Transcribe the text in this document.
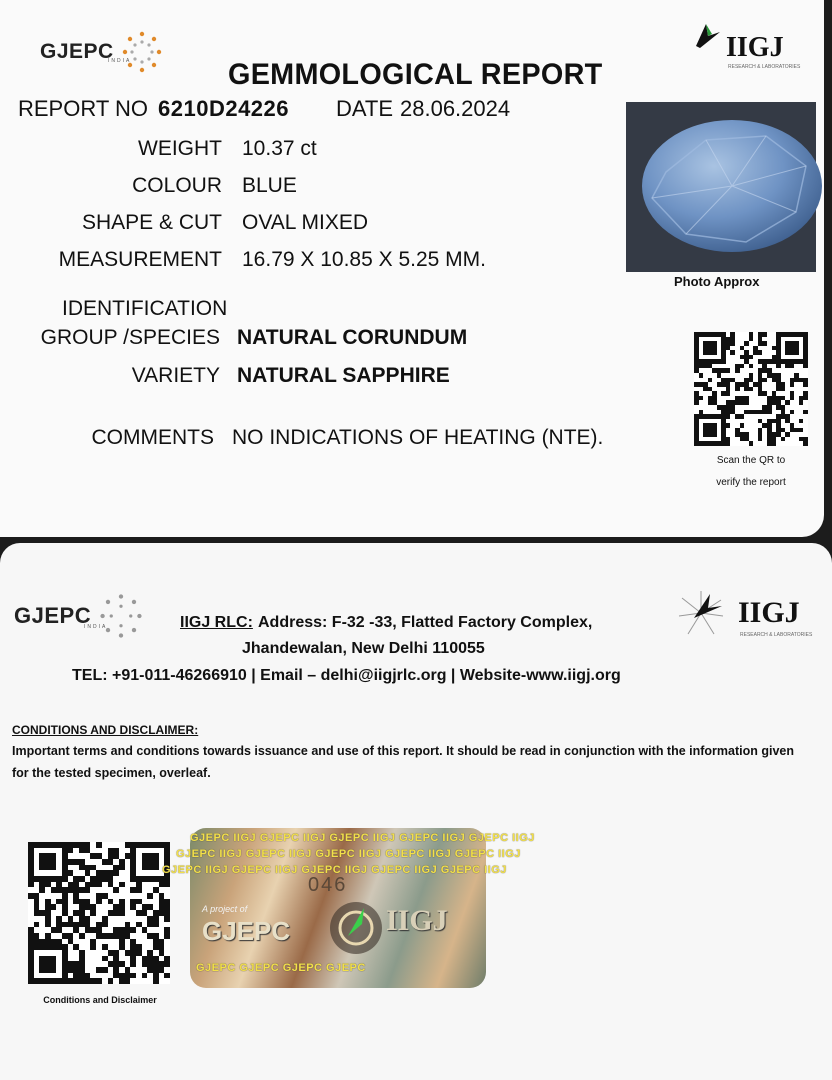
GJEPC
INDIA	IIGJ
RESEARCH & LABORATORIES
GEMMOLOGICAL REPORT
REPORT NO 6210D24226 DATE 28.06.2024
WEIGHT 10.37 ct
COLOUR BLUE
SHAPE & CUT OVAL MIXED
MEASUREMENT 16.79 X 10.85 X 5.25 MM.
IDENTIFICATION
GROUP /SPECIES NATURAL CORUNDUM
VARIETY NATURAL SAPPHIRE
COMMENTS NO INDICATIONS OF HEATING (NTE).
Photo Approx
Scan the QR to
verify the report
GJEPC
INDIA	IIGJ
RESEARCH & LABORATORIES
IIGJ RLC: Address: F-32 -33, Flatted Factory Complex,
Jhandewalan, New Delhi 110055
TEL: +91-011-46266910 | Email – delhi@iigjrlc.org | Website-www.iigj.org
CONDITIONS AND DISCLAIMER:
Important terms and conditions towards issuance and use of this report. It should be read in conjunction with the information given for the tested specimen, overleaf.
Conditions and Disclaimer
GJEPC IIGJ GJEPC IIGJ GJEPC IIGJ GJEPC IIGJ GJEPC IIGJ
GJEPC IIGJ GJEPC IIGJ GJEPC IIGJ GJEPC IIGJ GJEPC IIGJ
GJEPC IIGJ GJEPC IIGJ GJEPC IIGJ GJEPC IIGJ GJEPC IIGJ
046
A project of
GJEPC	IIGJ
GJEPC GJEPC GJEPC GJEPC
